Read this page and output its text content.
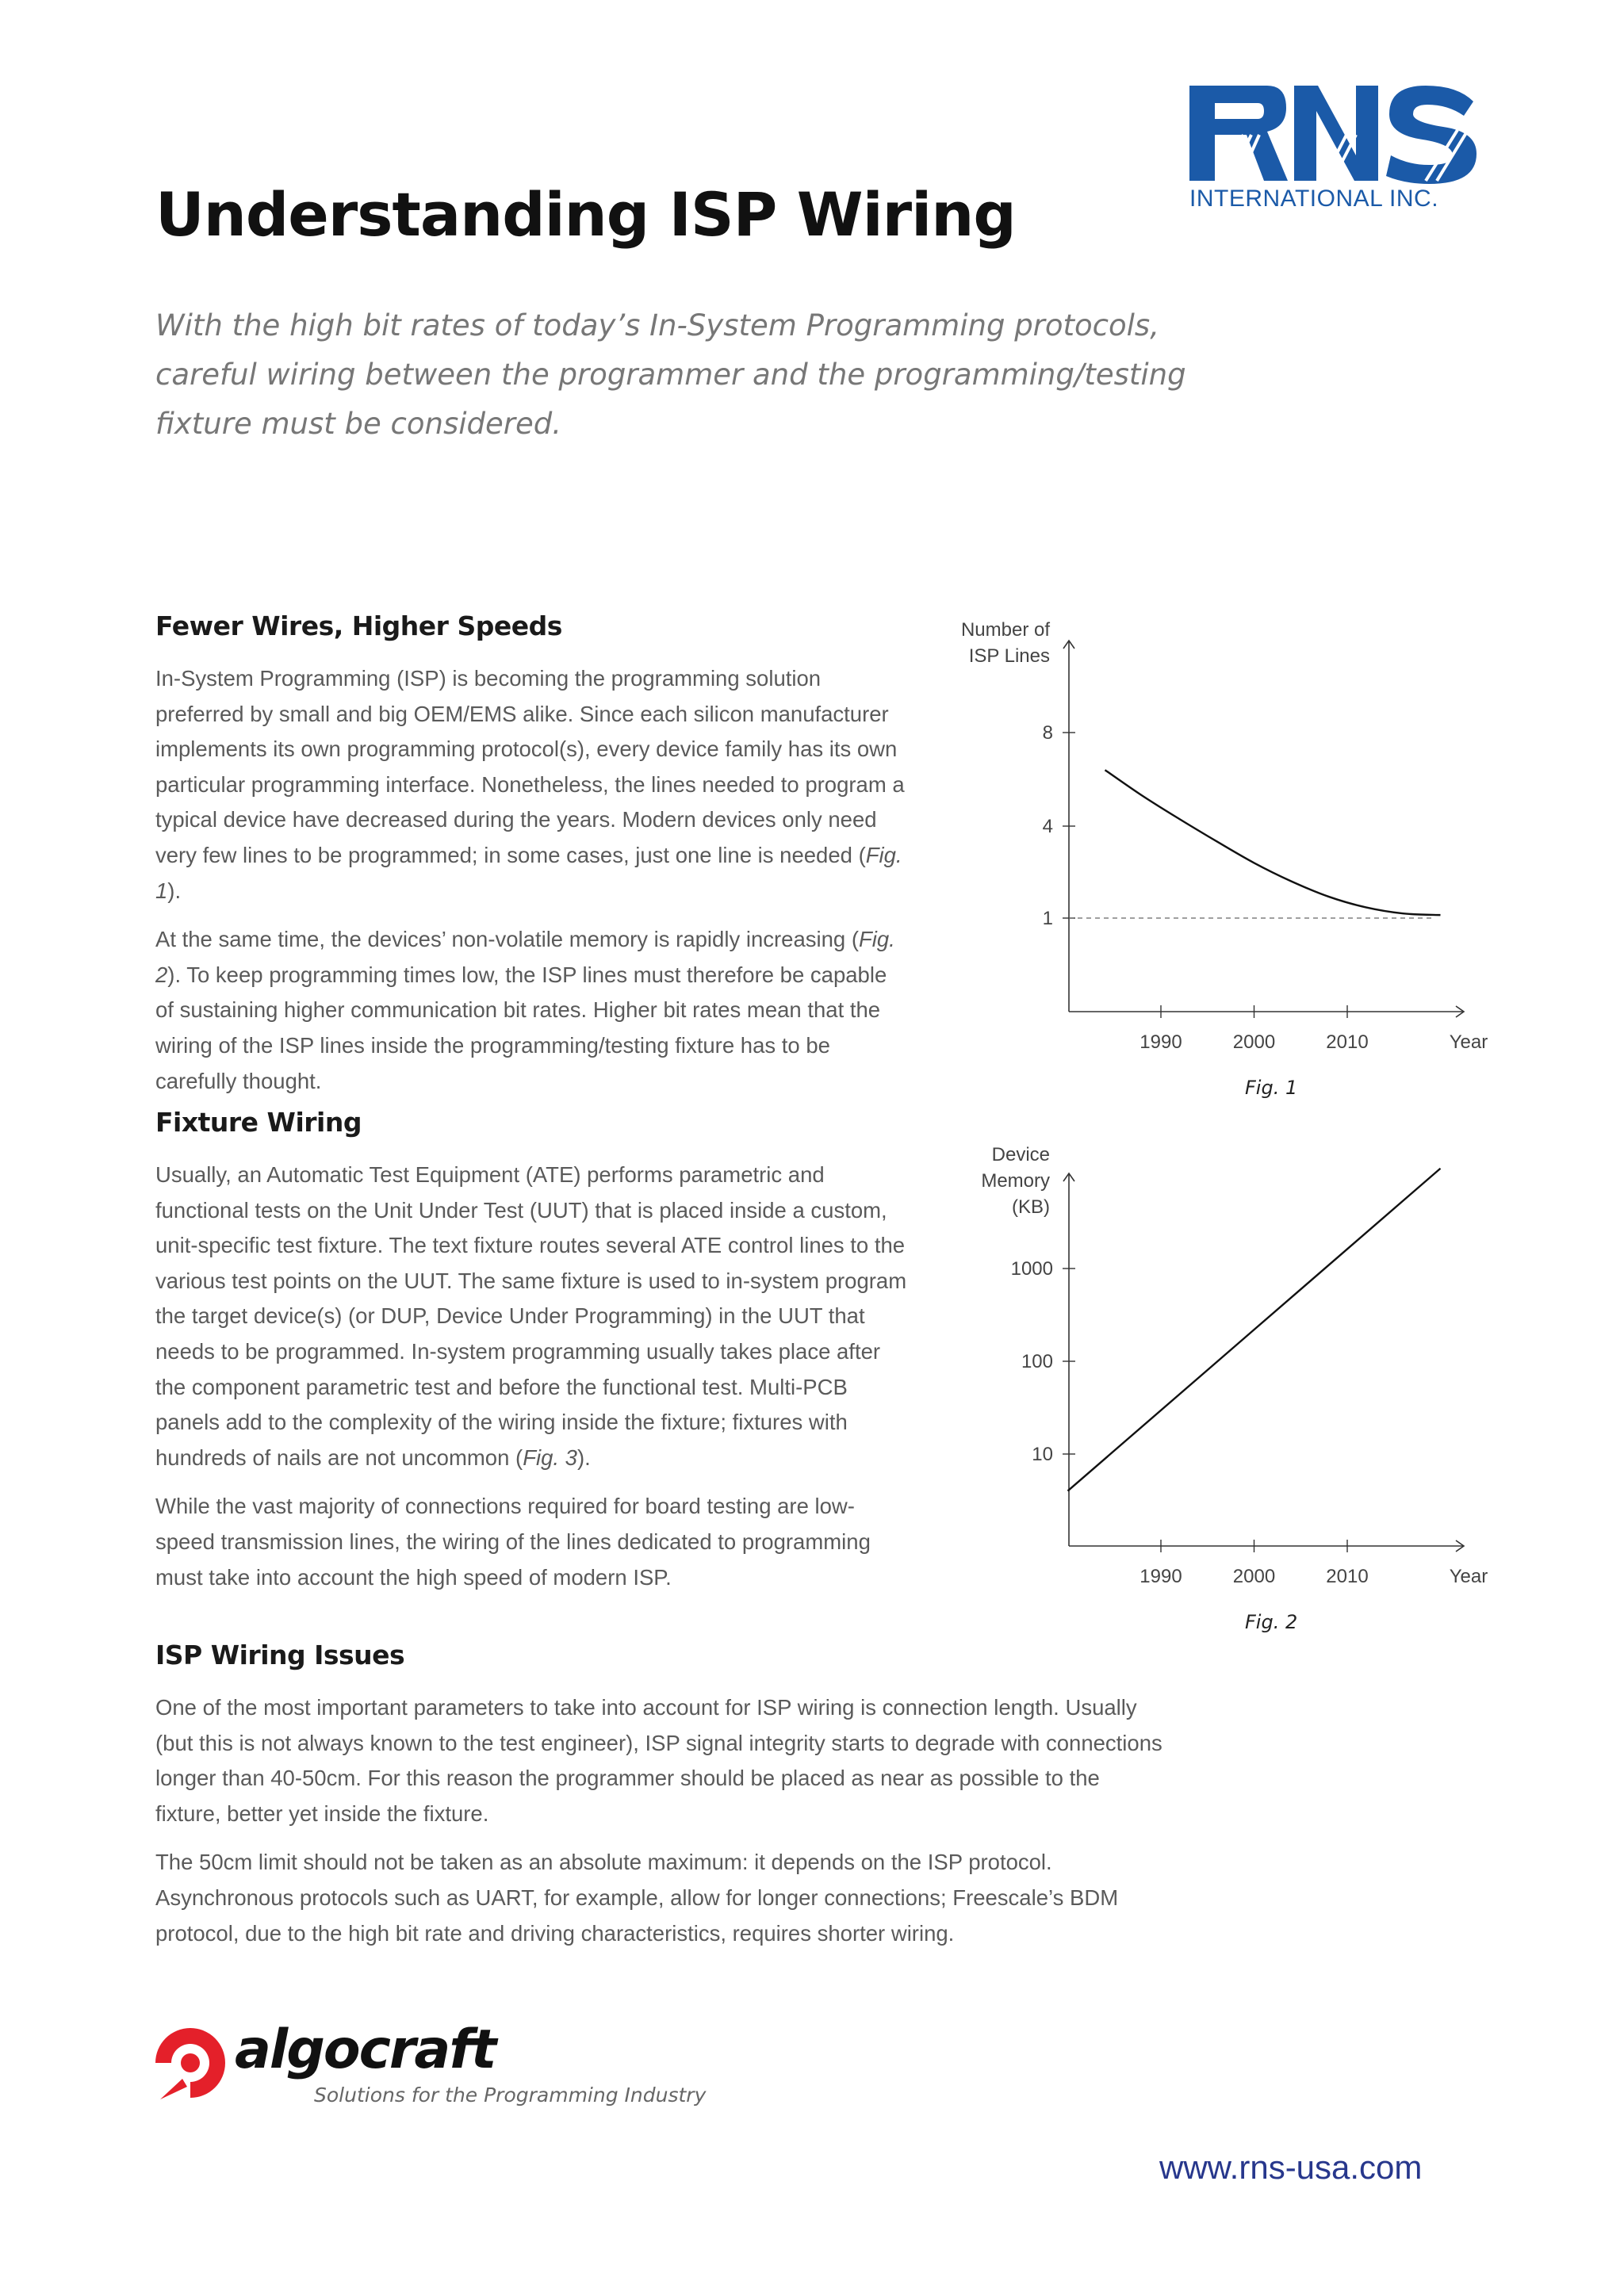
INTERNATIONAL INC.
Understanding ISP Wiring
With the high bit rates of today’s In-System Programming protocols, careful wiring between the programmer and the programming/testing fixture must be considered.
Fewer Wires, Higher Speeds

In-System Programming (ISP) is becoming the programming solution preferred by small and big OEM/EMS alike. Since each silicon manufacturer implements its own programming protocol(s), every device family has its own particular programming interface. Nonetheless, the lines needed to program a typical device have decreased during the years. Modern devices only need very few lines to be programmed; in some cases, just one line is needed (Fig. 1).

At the same time, the devices’ non-volatile memory is rapidly increasing (Fig. 2). To keep programming times low, the ISP lines must therefore be capable of sustaining higher communication bit rates. Higher bit rates mean that the wiring of the ISP lines inside the programming/testing fixture has to be carefully thought.

Fixture Wiring

Usually, an Automatic Test Equipment (ATE) performs parametric and functional tests on the Unit Under Test (UUT) that is placed inside a custom, unit-specific test fixture. The text fixture routes several ATE control lines to the various test points on the UUT. The same fixture is used to in-system program the target device(s) (or DUP, Device Under Programming) in the UUT that needs to be programmed. In-system programming usually takes place after the component parametric test and before the functional test. Multi-PCB panels add to the complexity of the wiring inside the fixture; fixtures with hundreds of nails are not uncommon (Fig. 3).

While the vast majority of connections required for board testing are low-speed transmission lines, the wiring of the lines dedicated to programming must take into account the high speed of modern ISP.

ISP Wiring Issues

One of the most important parameters to take into account for ISP wiring is connection length. Usually (but this is not always known to the test engineer), ISP signal integrity starts to degrade with connections longer than 40-50cm. For this reason the programmer should be placed as near as possible to the fixture, better yet inside the fixture.

The 50cm limit should not be taken as an absolute maximum: it depends on the ISP protocol. Asynchronous protocols such as UART, for example, allow for longer connections; Freescale’s BDM protocol, due to the high bit rate and driving characteristics, requires shorter wiring.

Number of
ISP Lines
1990	2000	2010	Year
1
4
8
Fig. 1
Device
Memory
(KB)
1990	2000	2010	Year
10
100
1000
Fig. 2
algocraft
Solutions for the Programming Industry
www.rns-usa.com
